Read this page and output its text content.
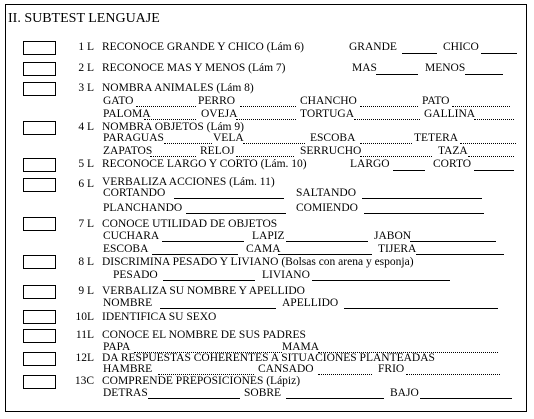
II. SUBTEST LENGUAJE
1 L RECONOCE GRANDE Y CHICO (Lám 6)	GRANDE	CHICO
2 L RECONOCE MAS Y MENOS (Lám 7)	MAS	MENOS
3 L NOMBRA ANIMALES (Lám 8)
GATO	PERRO	CHANCHO	PATO
PALOMA	OVEJA	TORTUGA	GALLINA
4 L NOMBRA OBJETOS (Lám 9)
PARAGUAS	VELA	ESCOBA	TETERA
ZAPATOS	RELOJ	SERRUCHO	TAZA
5 L RECONOCE LARGO Y CORTO (Lám. 10)	LARGO	CORTO
6 L VERBALIZA ACCIONES (Lám. 11)
CORTANDO	SALTANDO
PLANCHANDO	COMIENDO
7 L CONOCE UTILIDAD DE OBJETOS
CUCHARA	LAPIZ	JABON
ESCOBA	CAMA	TIJERA
8 L DISCRIMINA PESADO Y LIVIANO (Bolsas con arena y esponja)
PESADO	LIVIANO
9 L VERBALIZA SU NOMBRE Y APELLIDO
NOMBRE	APELLIDO
10L IDENTIFICA SU SEXO
11L CONOCE EL NOMBRE DE SUS PADRES
PAPA	MAMA
12L DA RESPUESTAS COHERENTES A SITUACIONES PLANTEADAS
HAMBRE	CANSADO	FRIO
13C COMPRENDE PREPOSICIONES (Lápiz)
DETRAS	SOBRE	BAJO
